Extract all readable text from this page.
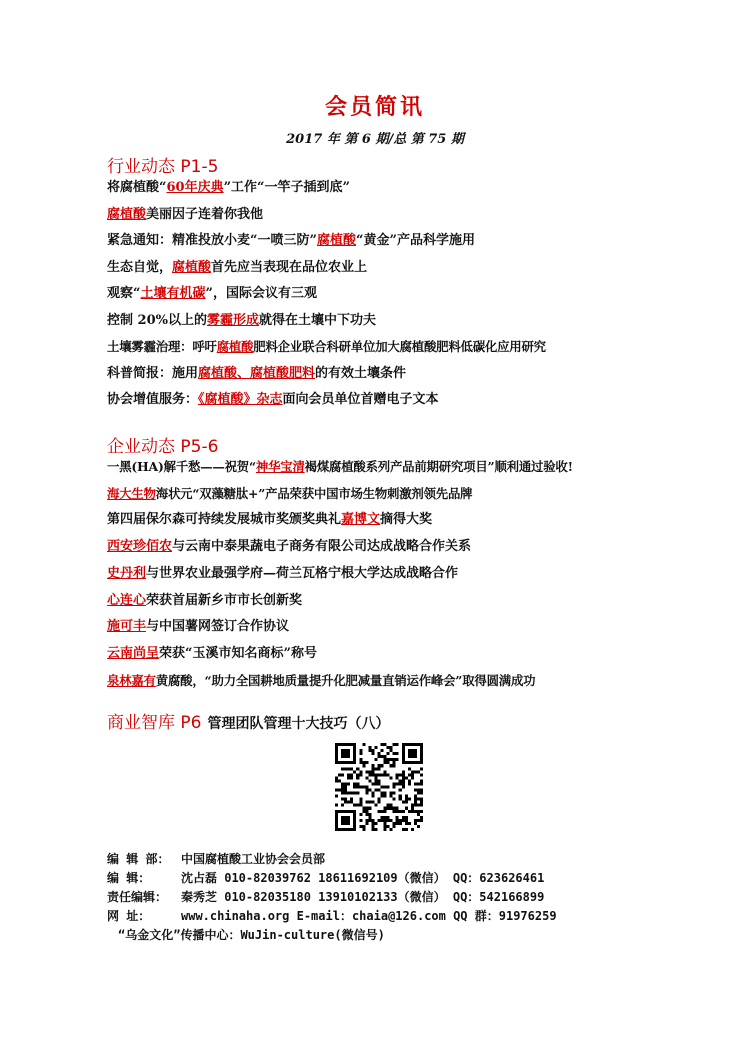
会员简讯
2017 年 第 6 期/总 第 75 期
行业动态 P1-5
将腐植酸“60年庆典”工作“一竿子插到底”
腐植酸美丽因子连着你我他
紧急通知：精准投放小麦“一喷三防”腐植酸“黄金”产品科学施用
生态自觉，腐植酸首先应当表现在品位农业上
观察“土壤有机碳”，国际会议有三观
控制 20%以上的雾霾形成就得在土壤中下功夫
土壤雾霾治理：呼吁腐植酸肥料企业联合科研单位加大腐植酸肥料低碳化应用研究
科普简报：施用腐植酸、腐植酸肥料的有效土壤条件
协会增值服务：《腐植酸》杂志面向会员单位首赠电子文本
企业动态 P5-6
一黑(HA)解千愁——祝贺“神华宝清褐煤腐植酸系列产品前期研究项目”顺利通过验收!
海大生物海状元“双藻糖肽+”产品荣获中国市场生物刺激剂领先品牌
第四届保尔森可持续发展城市奖颁奖典礼嘉博文摘得大奖
西安珍佰农与云南中泰果蔬电子商务有限公司达成战略合作关系
史丹利与世界农业最强学府—荷兰瓦格宁根大学达成战略合作
心连心荣获首届新乡市市长创新奖
施可丰与中国薯网签订合作协议
云南尚呈荣获“玉溪市知名商标”称号
泉林嘉有黄腐酸，“助力全国耕地质量提升化肥减量直销运作峰会”取得圆满成功
商业智库 P6 管理团队管理十大技巧（八）
编 辑 部： 中国腐植酸工业协会会员部
编 辑：	沈占磊 010-82039762 18611692109（微信） QQ：623626461
责任编辑： 秦秀芝 010-82035180 13910102133（微信） QQ：542166899
网 址：	www.chinaha.org E-mail：chaia@126.com QQ 群：91976259
“乌金文化”传播中心：WuJin-culture(微信号)
